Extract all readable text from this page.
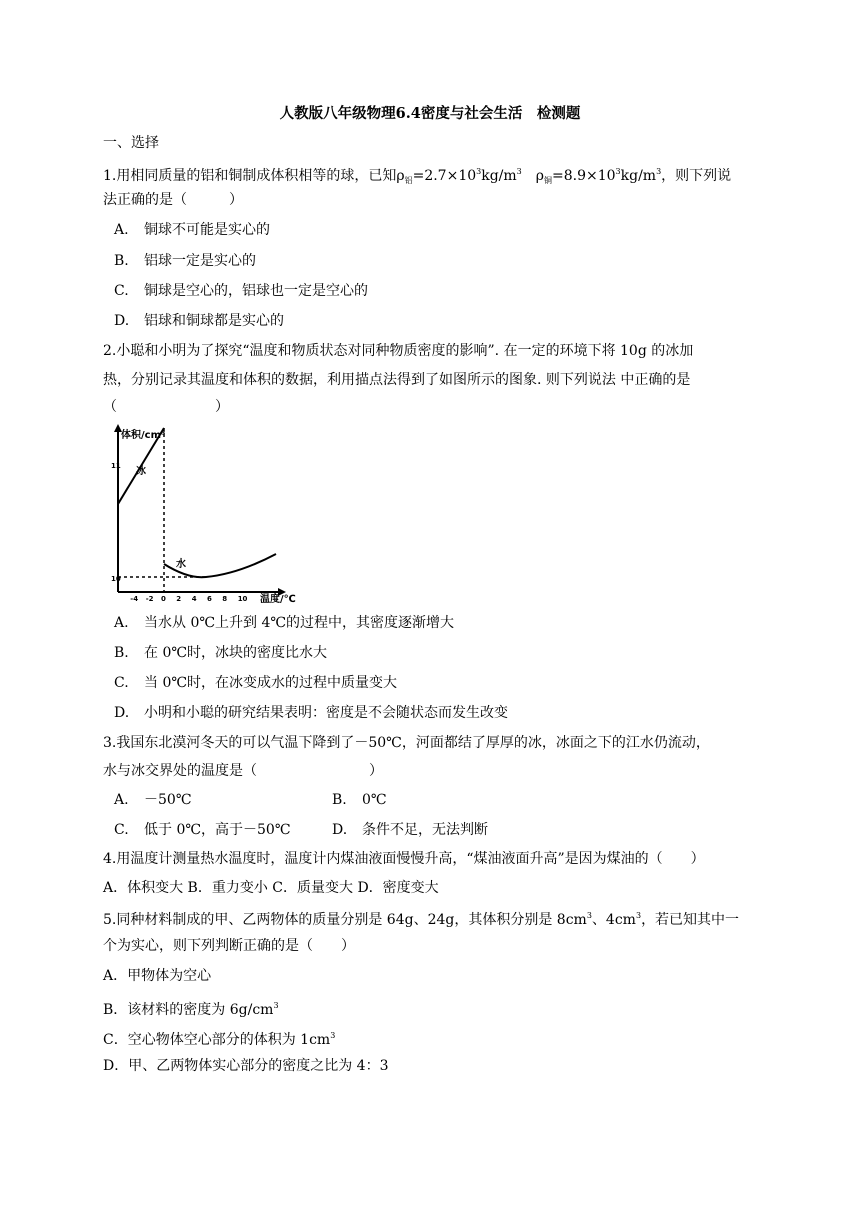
人教版八年级物理6.4密度与社会生活　检测题
一、选择
1.用相同质量的铝和铜制成体积相等的球，已知$\rho_铝=2.7\times 10^3kg/m^3$　$\rho_铜=8.9\times 10^3kg/m^3$，则下列说
法正确的是（　　　）
A. 铜球不可能是实心的
B. 铝球一定是实心的
C. 铜球是空心的，铝球也一定是空心的
D. 铝球和铜球都是实心的
2.小聪和小明为了探究“温度和物质状态对同种物质密度的影响”. 在一定的环境下将 10g 的冰加
热，分别记录其温度和体积的数据，利用描点法得到了如图所示的图象. 则下列说法 中正确的是
（　　　　　　　）
体积/cm³
温度/℃
11
10
-4 -2 0 2 4 6 8 10
冰
水
A. 当水从 0℃上升到 4℃的过程中，其密度逐渐增大
B. 在 0℃时，冰块的密度比水大
C. 当 0℃时，在冰变成水的过程中质量变大
D. 小明和小聪的研究结果表明：密度是不会随状态而发生改变
3.我国东北漠河冬天的可以气温下降到了－50℃，河面都结了厚厚的冰，冰面之下的江水仍流动，
水与冰交界处的温度是（　　　　　　　　）
A. －50℃	B. 0℃
C. 低于 0℃，高于－50℃	D. 条件不足，无法判断
4.用温度计测量热水温度时，温度计内煤油液面慢慢升高，“煤油液面升高”是因为煤油的（　　）
A．体积变大 B．重力变小 C．质量变大 D．密度变大
5.同种材料制成的甲、乙两物体的质量分别是 64g、24g，其体积分别是 $8cm^3$、$4cm^3$，若已知其中一
个为实心，则下列判断正确的是（　　）
A．甲物体为空心
B．该材料的密度为 $6g/cm^3$
C．空心物体空心部分的体积为 $1cm^3$
D．甲、乙两物体实心部分的密度之比为 4：3
